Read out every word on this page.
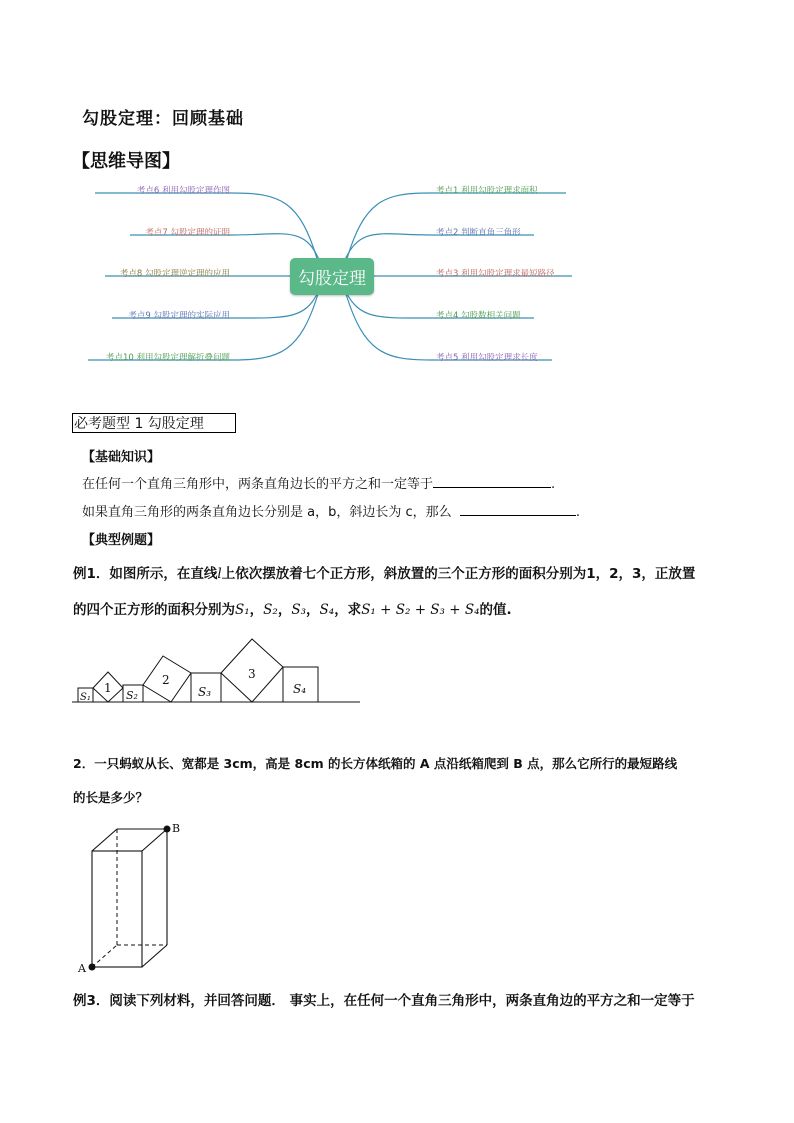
勾股定理：回顾基础
【思维导图】
考点6 利用勾股定理作图
考点7 勾股定理的证明
考点8 勾股定理逆定理的应用
考点9 勾股定理的实际应用
考点10 利用勾股定理解折叠问题
考点1 利用勾股定理求面积
考点2 判断直角三角形
考点3 利用勾股定理求最短路径
考点4 勾股数相关问题
考点5 利用勾股定理求长度
勾股定理
必考题型 1 勾股定理
【基础知识】
在任何一个直角三角形中，两条直角边长的平方之和一定等于	.
如果直角三角形的两条直角边长分别是 a，b，斜边长为 c，那么	.
【典型例题】
例1．如图所示，在直线l上依次摆放着七个正方形，斜放置的三个正方形的面积分别为1，2，3，正放置
的四个正方形的面积分别为S₁，S₂，S₃，S₄，求S₁ + S₂ + S₃ + S₄的值.
S₁
1
S₂
2
S₃
3
S₄
2．一只蚂蚁从长、宽都是 3cm，高是 8cm 的长方体纸箱的 A 点沿纸箱爬到 B 点，那么它所行的最短路线
的长是多少？
A
B
例3．阅读下列材料，并回答问题． 事实上，在任何一个直角三角形中，两条直角边的平方之和一定等于
